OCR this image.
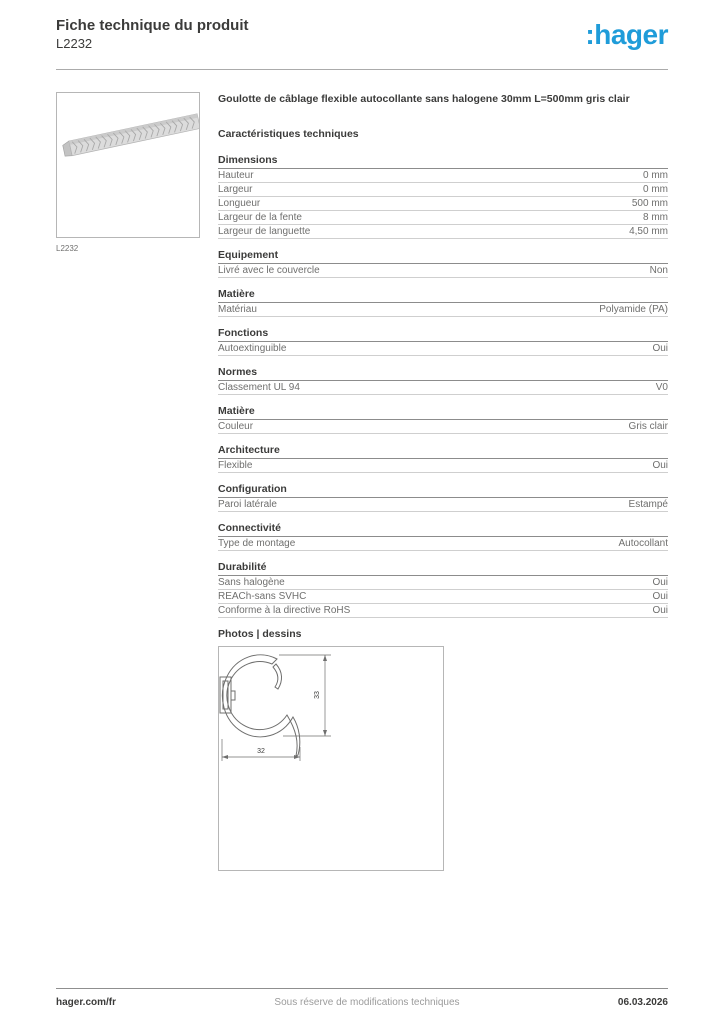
Fiche technique du produit
L2232	:hager
L2232
Goulotte de câblage flexible autocollante sans halogene 30mm L=500mm gris clair
Caractéristiques techniques
Dimensions
Hauteur	0 mm
Largeur	0 mm
Longueur	500 mm
Largeur de la fente	8 mm
Largeur de languette	4,50 mm
Equipement
Livré avec le couvercle	Non
Matière
Matériau	Polyamide (PA)
Fonctions
Autoextinguible	Oui
Normes
Classement UL 94	V0
Matière
Couleur	Gris clair
Architecture
Flexible	Oui
Configuration
Paroi latérale	Estampé
Connectivité
Type de montage	Autocollant
Durabilité
Sans halogène	Oui
REACh-sans SVHC	Oui
Conforme à la directive RoHS	Oui
Photos | dessins
33
32
hager.com/fr	Sous réserve de modifications techniques	06.03.2026
